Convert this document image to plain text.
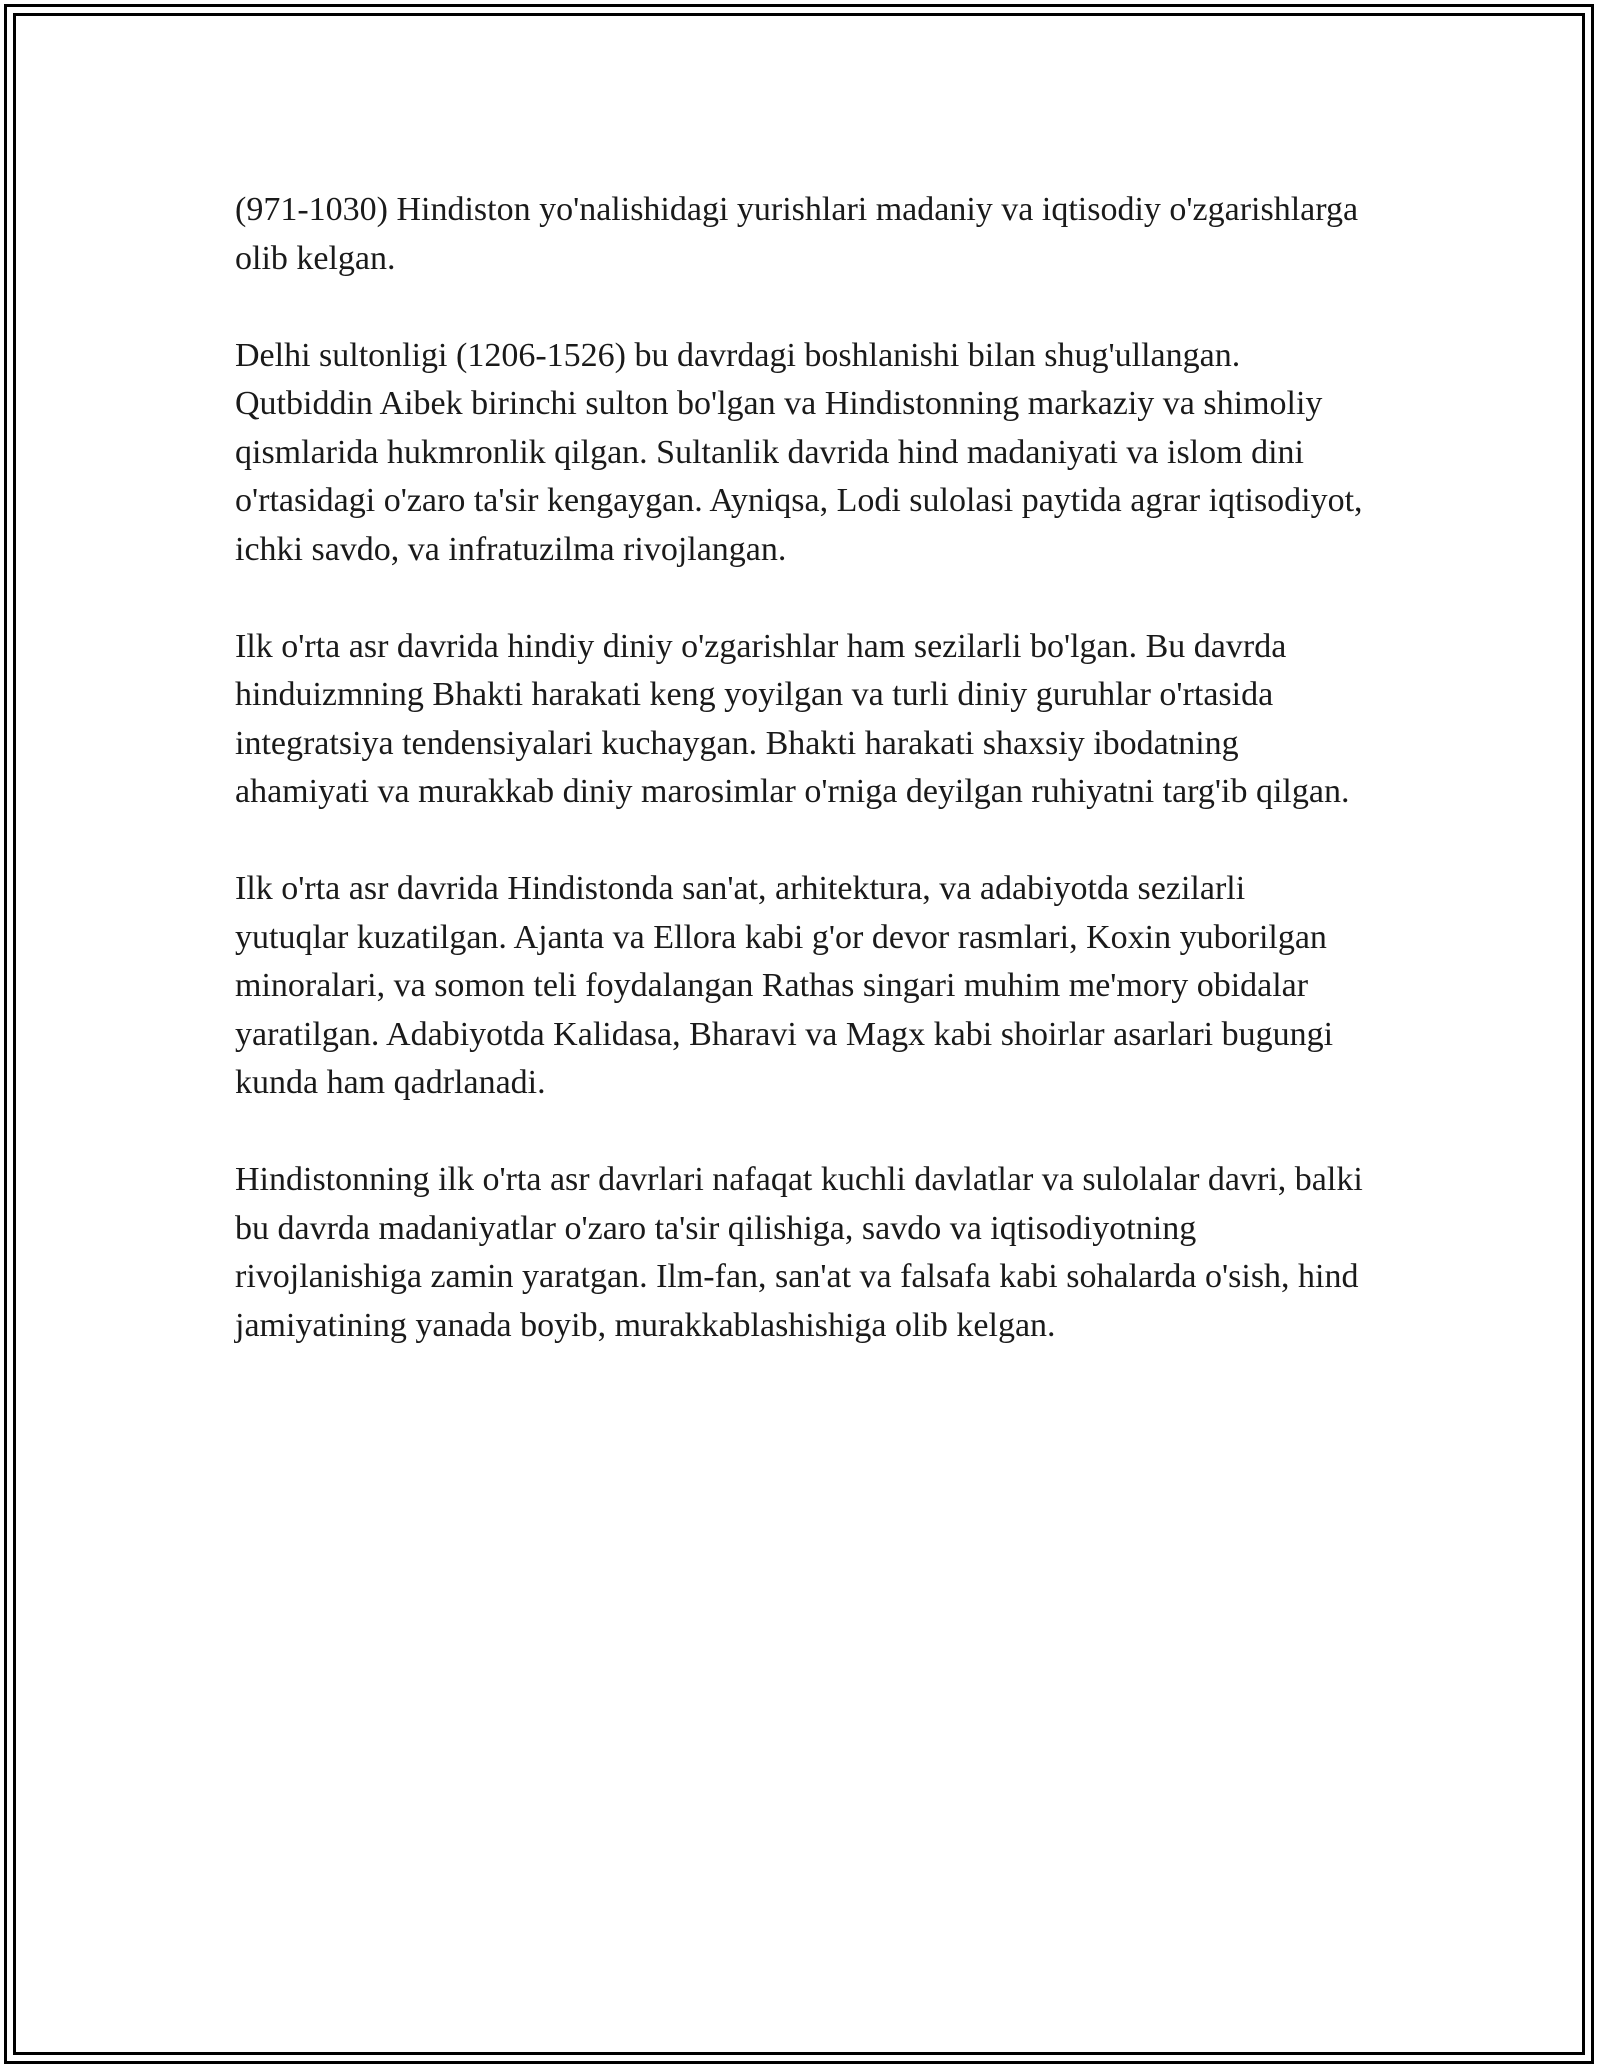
(971-1030) Hindiston yo'nalishidagi yurishlari madaniy va iqtisodiy o'zgarishlarga olib kelgan.

Delhi sultonligi (1206-1526) bu davrdagi boshlanishi bilan shug'ullangan. Qutbiddin Aibek birinchi sulton bo'lgan va Hindistonning markaziy va shimoliy qismlarida hukmronlik qilgan. Sultanlik davrida hind madaniyati va islom dini o'rtasidagi o'zaro ta'sir kengaygan. Ayniqsa, Lodi sulolasi paytida agrar iqtisodiyot, ichki savdo, va infratuzilma rivojlangan.

Ilk o'rta asr davrida hindiy diniy o'zgarishlar ham sezilarli bo'lgan. Bu davrda hinduizmning Bhakti harakati keng yoyilgan va turli diniy guruhlar o'rtasida integratsiya tendensiyalari kuchaygan. Bhakti harakati shaxsiy ibodatning ahamiyati va murakkab diniy marosimlar o'rniga deyilgan ruhiyatni targ'ib qilgan.

Ilk o'rta asr davrida Hindistonda san'at, arhitektura, va adabiyotda sezilarli yutuqlar kuzatilgan. Ajanta va Ellora kabi g'or devor rasmlari, Koxin yuborilgan minoralari, va somon teli foydalangan Rathas singari muhim me'mory obidalar yaratilgan. Adabiyotda Kalidasa, Bharavi va Magx kabi shoirlar asarlari bugungi kunda ham qadrlanadi.

Hindistonning ilk o'rta asr davrlari nafaqat kuchli davlatlar va sulolalar davri, balki bu davrda madaniyatlar o'zaro ta'sir qilishiga, savdo va iqtisodiyotning rivojlanishiga zamin yaratgan. Ilm-fan, san'at va falsafa kabi sohalarda o'sish, hind jamiyatining yanada boyib, murakkablashishiga olib kelgan.
